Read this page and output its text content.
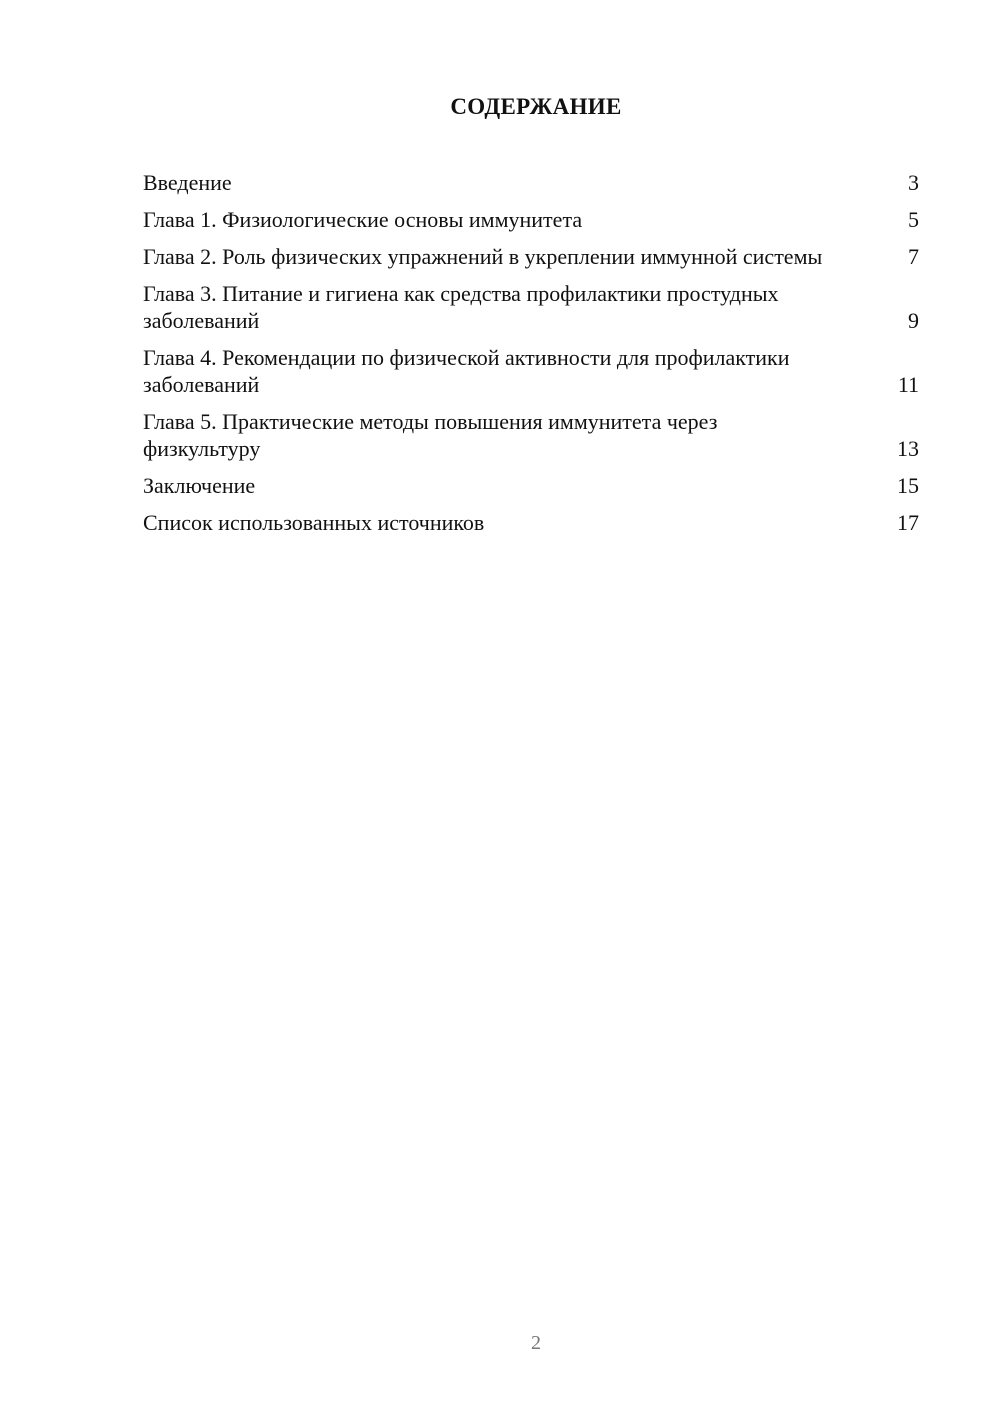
СОДЕРЖАНИЕ
Введение	3
Глава 1. Физиологические основы иммунитета	5
Глава 2. Роль физических упражнений в укреплении иммунной системы	7
Глава 3. Питание и гигиена как средства профилактики простудных заболеваний	9
Глава 4. Рекомендации по физической активности для профилактики заболеваний	11
Глава 5. Практические методы повышения иммунитета через физкультуру	13
Заключение	15
Список использованных источников	17
2
